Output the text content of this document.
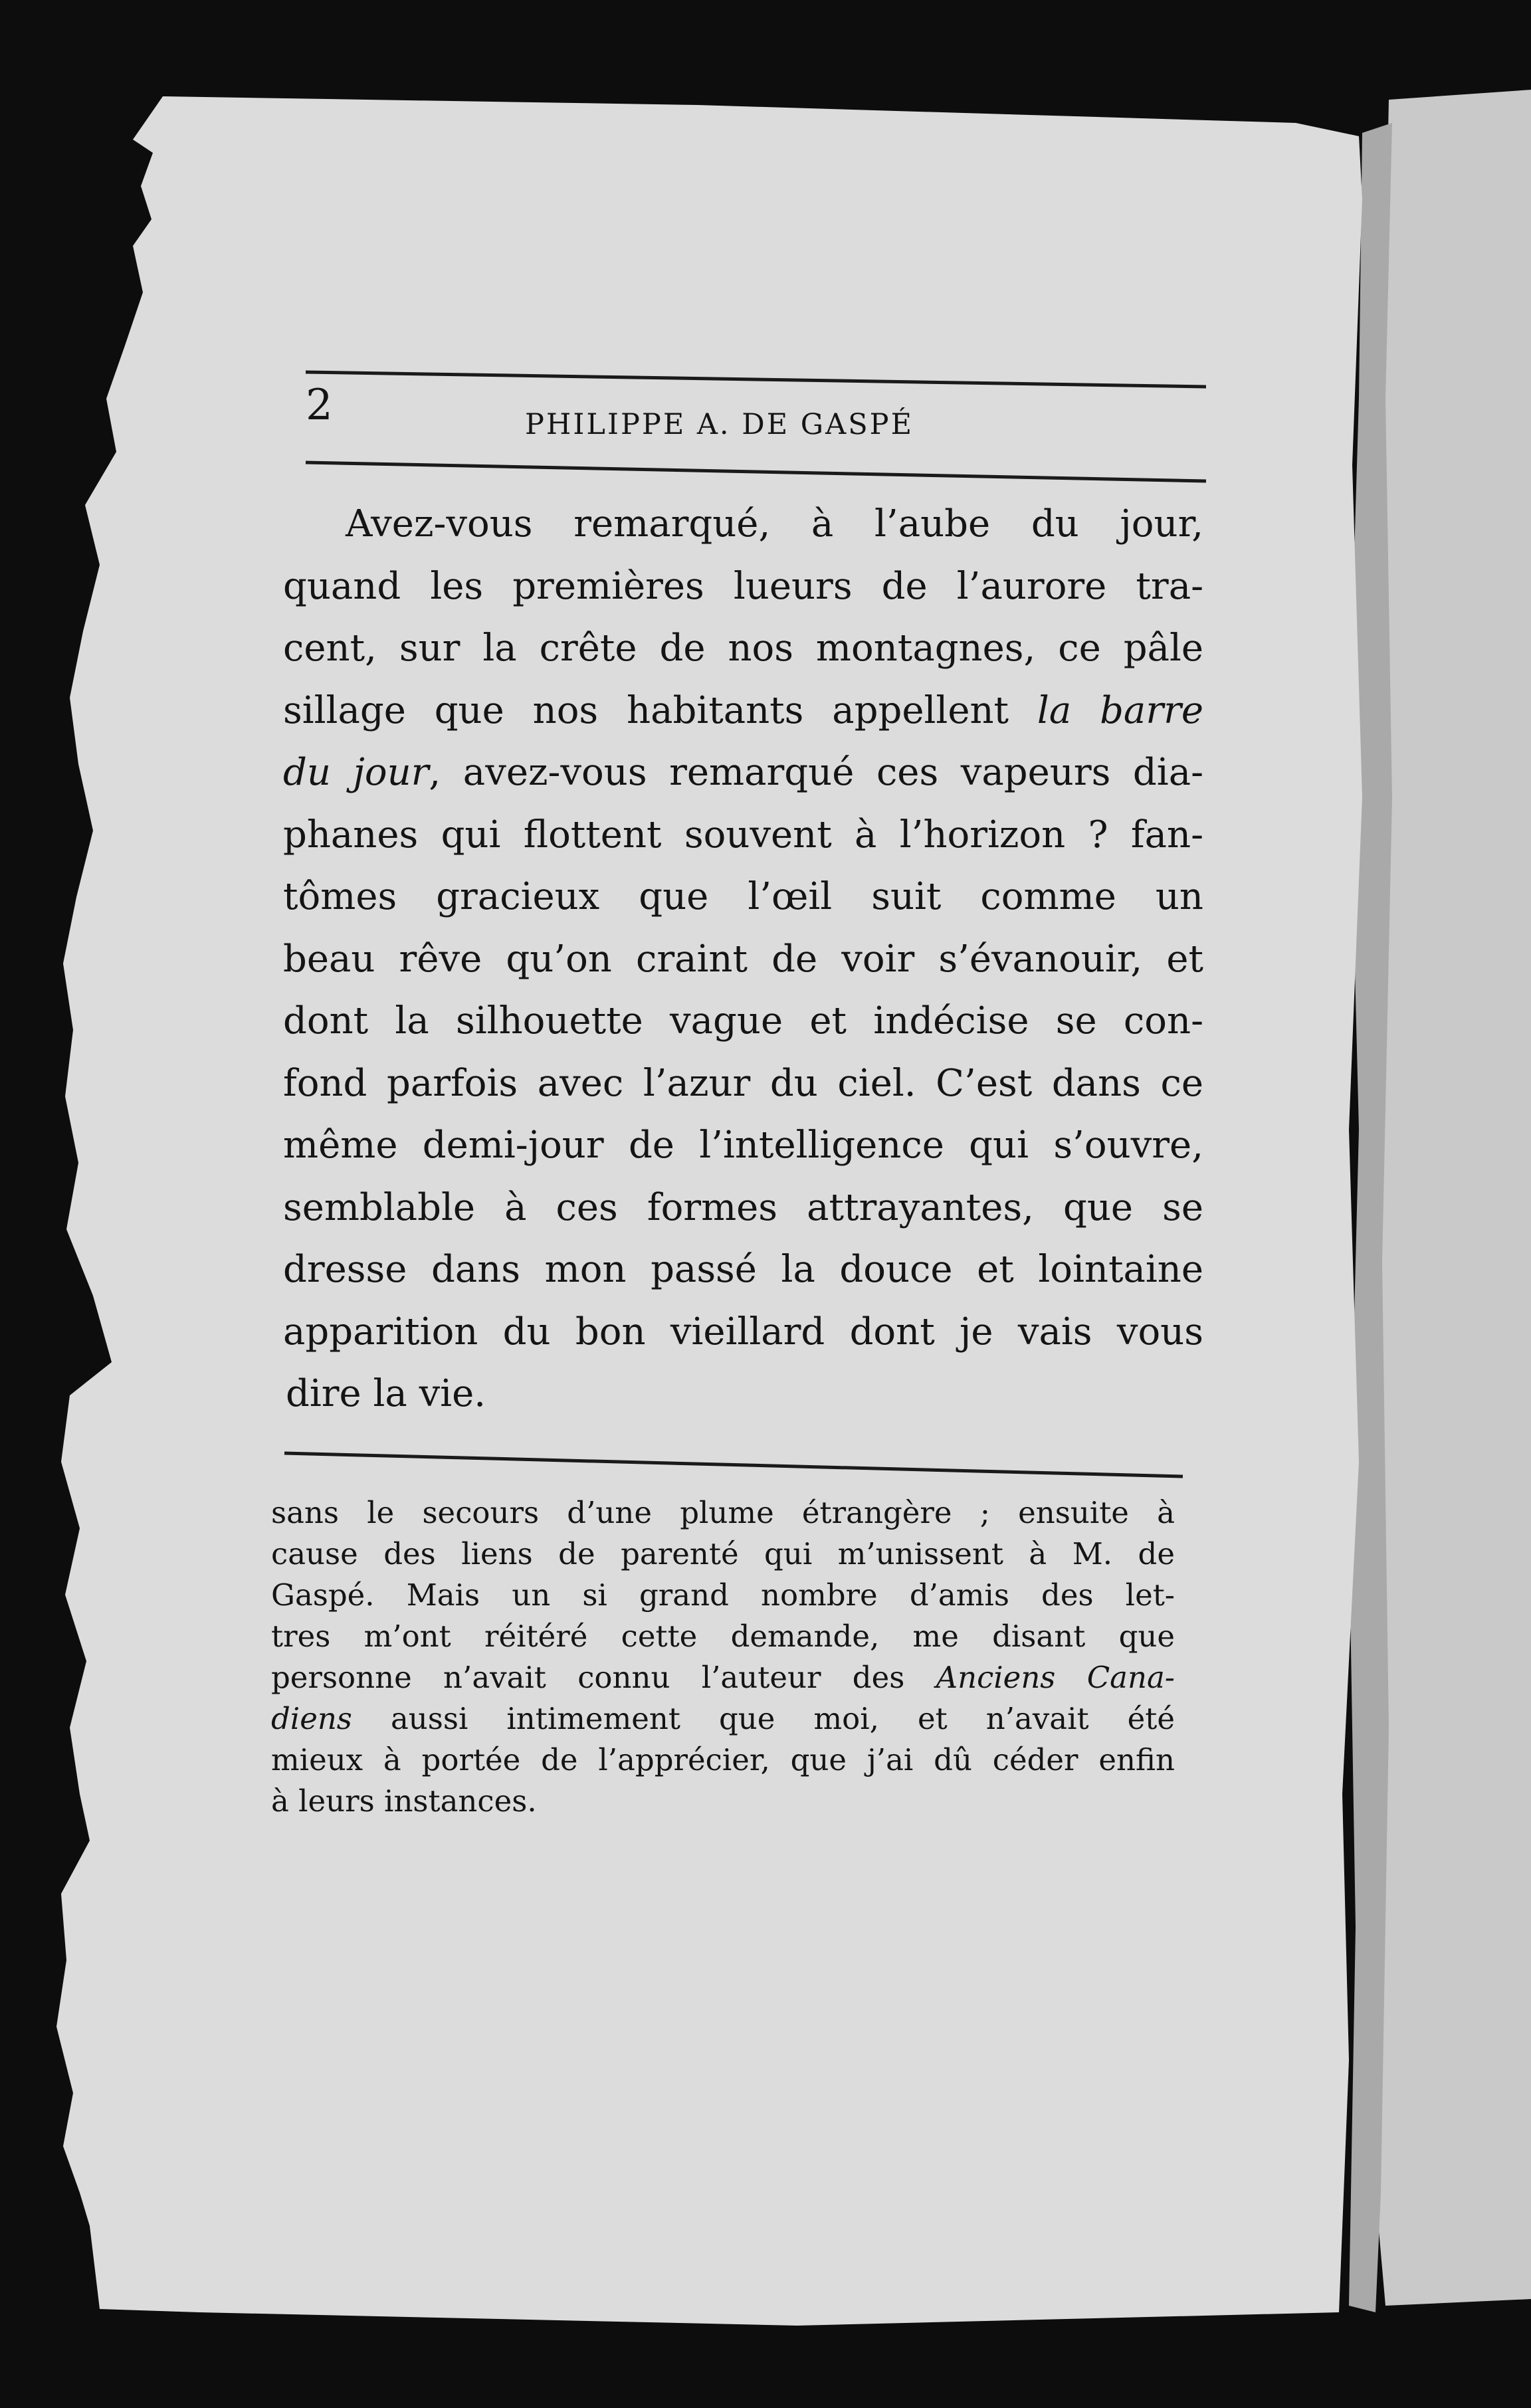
2	PHILIPPE A. DE GASPÉ
Avez-vous remarqué, à l’aube du jour,
quand les premières lueurs de l’aurore tra-
cent, sur la crête de nos montagnes, ce pâle
sillage que nos habitants appellent la barre
du jour, avez-vous remarqué ces vapeurs dia-
phanes qui flottent souvent à l’horizon ? fan-
tômes gracieux que l’œil suit comme un
beau rêve qu’on craint de voir s’évanouir, et
dont la silhouette vague et indécise se con-
fond parfois avec l’azur du ciel. C’est dans ce
même demi-jour de l’intelligence qui s’ouvre,
semblable à ces formes attrayantes, que se
dresse dans mon passé la douce et lointaine
apparition du bon vieillard dont je vais vous
dire la vie.
sans le secours d’une plume étrangère ; ensuite à
cause des liens de parenté qui m’unissent à M. de
Gaspé. Mais un si grand nombre d’amis des let-
tres m’ont réitéré cette demande, me disant que
personne n’avait connu l’auteur des Anciens Cana-
diens aussi intimement que moi, et n’avait été
mieux à portée de l’apprécier, que j’ai dû céder enfin
à leurs instances.
